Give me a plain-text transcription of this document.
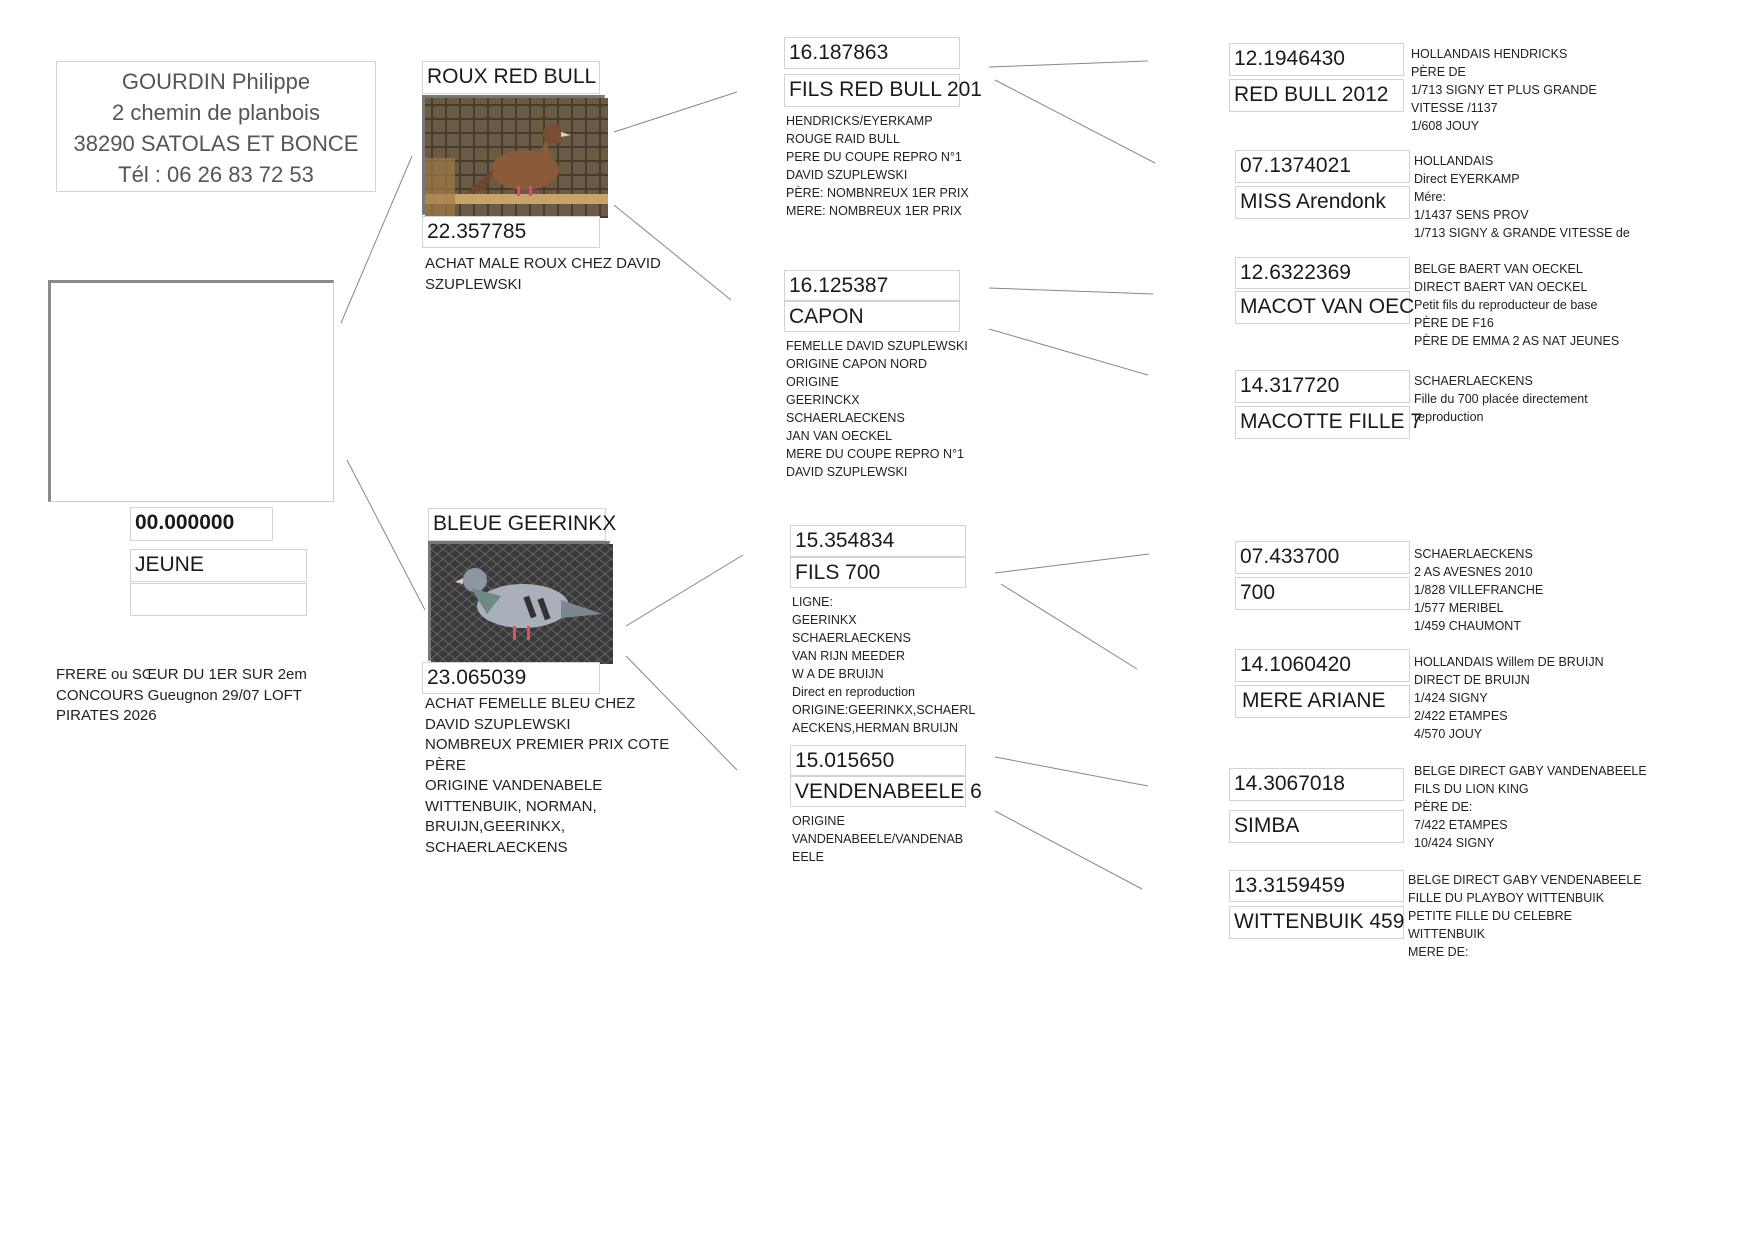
GOURDIN Philippe
2 chemin de planbois
38290 SATOLAS ET BONCE
Tél : 06 26 83 72 53
00.000000
JEUNE
FRERE ou SŒUR DU 1ER SUR 2em
CONCOURS Gueugnon 29/07 LOFT
PIRATES 2026
ROUX RED BULL
22.357785
ACHAT MALE ROUX CHEZ DAVID
SZUPLEWSKI
BLEUE GEERINKX
23.065039
ACHAT FEMELLE BLEU CHEZ
DAVID SZUPLEWSKI
NOMBREUX PREMIER PRIX COTE
PÈRE
ORIGINE VANDENABELE
WITTENBUIK, NORMAN,
BRUIJN,GEERINKX,
SCHAERLAECKENS
16.187863
FILS RED BULL 201
HENDRICKS/EYERKAMP
ROUGE RAID BULL
PERE DU COUPE REPRO N°1
DAVID SZUPLEWSKI
PÈRE: NOMBNREUX 1ER PRIX
MERE: NOMBREUX 1ER PRIX
16.125387
CAPON
FEMELLE DAVID SZUPLEWSKI
ORIGINE CAPON NORD
ORIGINE
GEERINCKX
SCHAERLAECKENS
JAN VAN OECKEL
MERE DU COUPE REPRO N°1
DAVID SZUPLEWSKI
15.354834
FILS 700
LIGNE:
GEERINKX
SCHAERLAECKENS
VAN RIJN MEEDER
W A DE BRUIJN
Direct en reproduction
ORIGINE:GEERINKX,SCHAERL
AECKENS,HERMAN BRUIJN
15.015650
VENDENABEELE 6
ORIGINE
VANDENABEELE/VANDENAB
EELE
12.1946430
RED BULL 2012
HOLLANDAIS HENDRICKS
PÈRE DE
1/713 SIGNY ET PLUS GRANDE
VITESSE /1137
1/608 JOUY
07.1374021
MISS Arendonk
HOLLANDAIS
Direct EYERKAMP
Mére:
1/1437 SENS PROV
1/713 SIGNY & GRANDE VITESSE de
12.6322369
MACOT VAN OEC
BELGE BAERT VAN OECKEL
DIRECT BAERT VAN OECKEL
Petit fils du reproducteur de base
PÈRE DE F16
PÈRE DE EMMA 2 AS NAT JEUNES
14.317720
MACOTTE FILLE 7
SCHAERLAECKENS
Fille du 700 placée directement
reproduction
07.433700
700
SCHAERLAECKENS
2 AS AVESNES 2010
1/828 VILLEFRANCHE
1/577 MERIBEL
1/459 CHAUMONT
14.1060420
MERE ARIANE
HOLLANDAIS Willem DE BRUIJN
DIRECT DE BRUIJN
1/424 SIGNY
2/422 ETAMPES
4/570 JOUY
14.3067018
SIMBA
BELGE DIRECT GABY VANDENABEELE
FILS DU LION KING
PÈRE DE:
7/422 ETAMPES
10/424 SIGNY
13.3159459
WITTENBUIK 459
BELGE DIRECT GABY VENDENABEELE
FILLE DU PLAYBOY WITTENBUIK
PETITE FILLE DU CELEBRE
WITTENBUIK
MERE DE:
